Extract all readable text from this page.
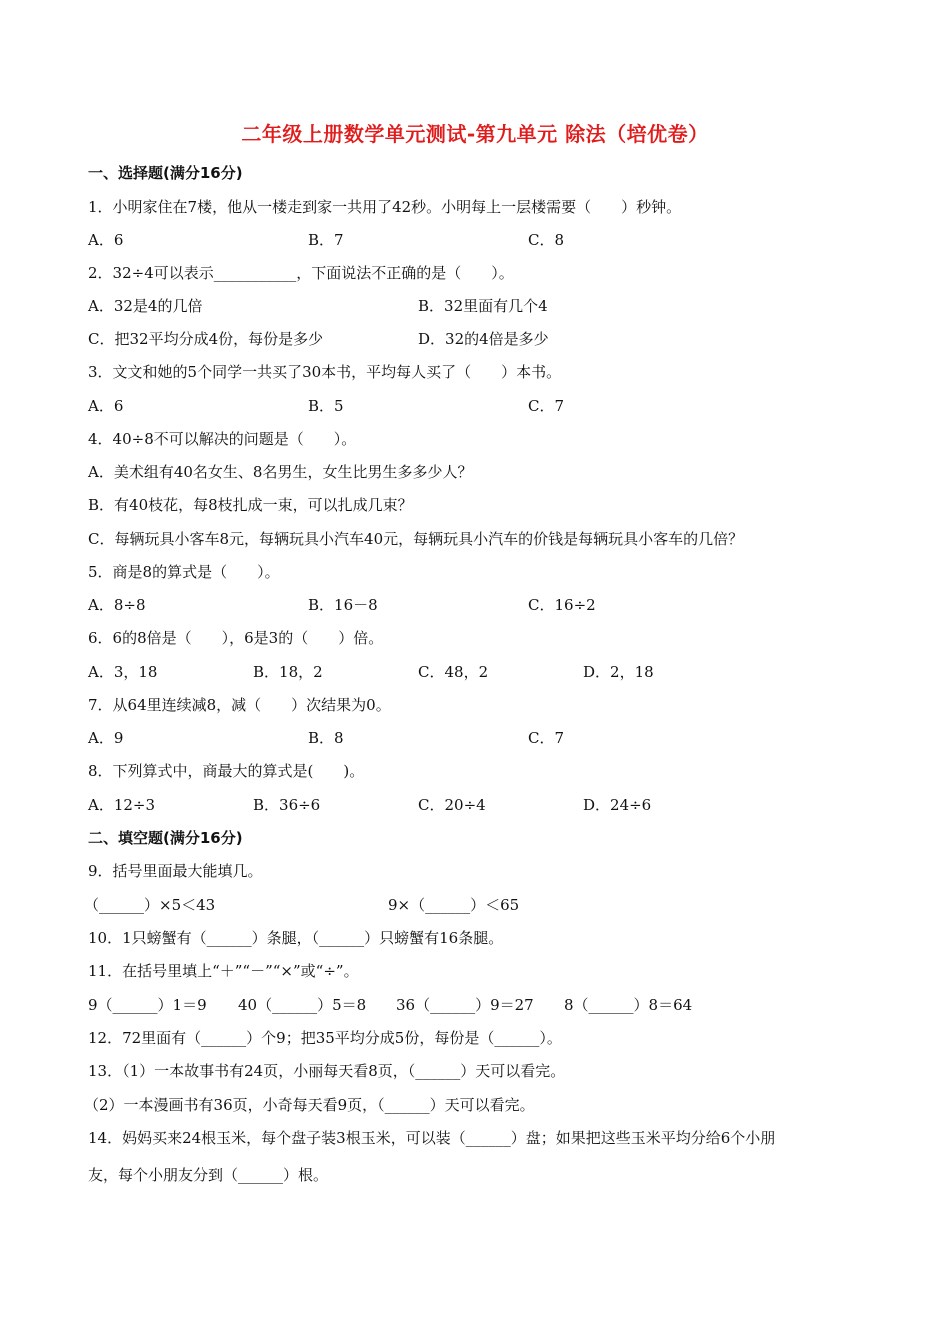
二年级上册数学单元测试-第九单元 除法（培优卷）
一、选择题(满分16分)
1．小明家住在7楼，他从一楼走到家一共用了42秒。小明每上一层楼需要（　　）秒钟。
A．6	B．7	C．8
2．32÷4可以表示___________，下面说法不正确的是（　　）。
A．32是4的几倍	B．32里面有几个4
C．把32平均分成4份，每份是多少	D．32的4倍是多少
3．文文和她的5个同学一共买了30本书，平均每人买了（　　）本书。
A．6	B．5	C．7
4．40÷8不可以解决的问题是（　　）。
A．美术组有40名女生、8名男生，女生比男生多多少人？
B．有40枝花，每8枝扎成一束，可以扎成几束？
C．每辆玩具小客车8元，每辆玩具小汽车40元，每辆玩具小汽车的价钱是每辆玩具小客车的几倍？
5．商是8的算式是（　　）。
A．8÷8	B．16－8	C．16÷2
6．6的8倍是（　　），6是3的（　　）倍。
A．3，18	B．18，2	C．48，2	D．2，18
7．从64里连续减8，减（　　）次结果为0。
A．9	B．8	C．7
8．下列算式中，商最大的算式是(　　)。
A．12÷3	B．36÷6	C．20÷4	D．24÷6
二、填空题(满分16分)
9．括号里面最大能填几。
（______）×5＜43	9×（______）＜65
10．1只螃蟹有（______）条腿，（______）只螃蟹有16条腿。
11．在括号里填上“＋”“－”“×”或“÷”。
9（______）1＝9 40（______）5＝8 36（______）9＝27 8（______）8＝64
12．72里面有（______）个9；把35平均分成5份，每份是（______）。
13．（1）一本故事书有24页，小丽每天看8页，（______）天可以看完。
（2）一本漫画书有36页，小奇每天看9页，（______）天可以看完。
14．妈妈买来24根玉米，每个盘子装3根玉米，可以装（______）盘；如果把这些玉米平均分给6个小朋
友，每个小朋友分到（______）根。
